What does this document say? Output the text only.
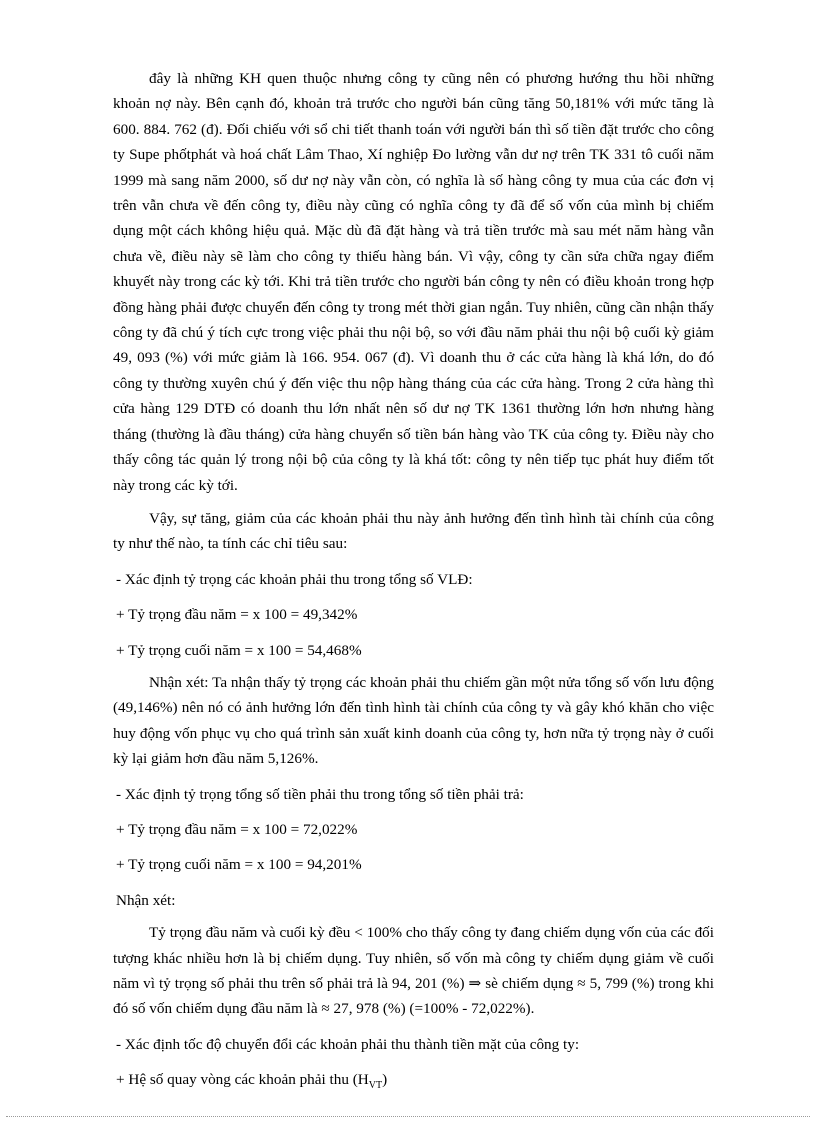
đây là những KH quen thuộc nhưng công ty cũng nên có phương hướng thu hồi những khoản nợ này. Bên cạnh đó, khoản trả trước cho người bán cũng tăng 50,181% với mức tăng là 600. 884. 762 (đ). Đối chiếu với sổ chi tiết thanh toán với người bán thì số tiền đặt trước cho công ty Supe phốtphát và hoá chất Lâm Thao, Xí nghiệp Đo lường vẫn dư nợ trên TK 331 tô cuối năm 1999 mà sang năm 2000, số dư nợ này vẫn còn, có nghĩa là số hàng công ty mua của các đơn vị trên vẫn chưa về đến công ty, điều này cũng có nghĩa công ty đã để số vốn của mình bị chiếm dụng một cách không hiệu quả. Mặc dù đã đặt hàng và trả tiền trước mà sau mét năm hàng vẫn chưa về, điều này sẽ làm cho công ty thiếu hàng bán. Vì vậy, công ty cần sửa chữa ngay điểm khuyết này trong các kỳ tới. Khi trả tiền trước cho người bán công ty nên có điều khoản trong hợp đồng hàng phải được chuyển đến công ty trong mét thời gian ngắn. Tuy nhiên, cũng cần nhận thấy công ty đã chú ý tích cực trong việc phải thu nội bộ, so với đầu năm phải thu nội bộ cuối kỳ giảm 49, 093 (%) với mức giảm là 166. 954. 067 (đ). Vì doanh thu ở các cửa hàng là khá lớn, do đó công ty thường xuyên chú ý đến việc thu nộp hàng tháng của các cửa hàng. Trong 2 cửa hàng thì cửa hàng 129 DTĐ có doanh thu lớn nhất nên số dư nợ TK 1361 thường lớn hơn nhưng hàng tháng (thường là đầu tháng) cửa hàng chuyển số tiền bán hàng vào TK của công ty. Điều này cho thấy công tác quản lý trong nội bộ của công ty là khá tốt: công ty nên tiếp tục phát huy điểm tốt này trong các kỳ tới.

Vậy, sự tăng, giảm của các khoản phải thu này ảnh hưởng đến tình hình tài chính của công ty như thế nào, ta tính các chỉ tiêu sau:

- Xác định tỷ trọng các khoản phải thu trong tổng số VLĐ:

+ Tỷ trọng đầu năm = x 100 = 49,342%

+ Tỷ trọng cuối năm = x 100 = 54,468%

Nhận xét: Ta nhận thấy tỷ trọng các khoản phải thu chiếm gần một nửa tổng số vốn lưu động (49,146%) nên nó có ảnh hưởng lớn đến tình hình tài chính của công ty và gây khó khăn cho việc huy động vốn phục vụ cho quá trình sản xuất kinh doanh của công ty, hơn nữa tỷ trọng này ở cuối kỳ lại giảm hơn đầu năm 5,126%.

- Xác định tỷ trọng tổng số tiền phải thu trong tổng số tiền phải trả:

+ Tỷ trọng đầu năm = x 100 = 72,022%

+ Tỷ trọng cuối năm = x 100 = 94,201%

Nhận xét:

Tỷ trọng đầu năm và cuối kỳ đều < 100% cho thấy công ty đang chiếm dụng vốn của các đối tượng khác nhiều hơn là bị chiếm dụng. Tuy nhiên, số vốn mà công ty chiếm dụng giảm về cuối năm vì tỷ trọng số phải thu trên số phải trả là 94, 201 (%) ⇒ sè chiếm dụng ≈ 5, 799 (%) trong khi đó số vốn chiếm dụng đầu năm là ≈ 27, 978 (%) (=100% - 72,022%).

- Xác định tốc độ chuyển đổi các khoản phải thu thành tiền mặt của công ty:

+ Hệ số quay vòng các khoản phải thu $(H_{VT})$
